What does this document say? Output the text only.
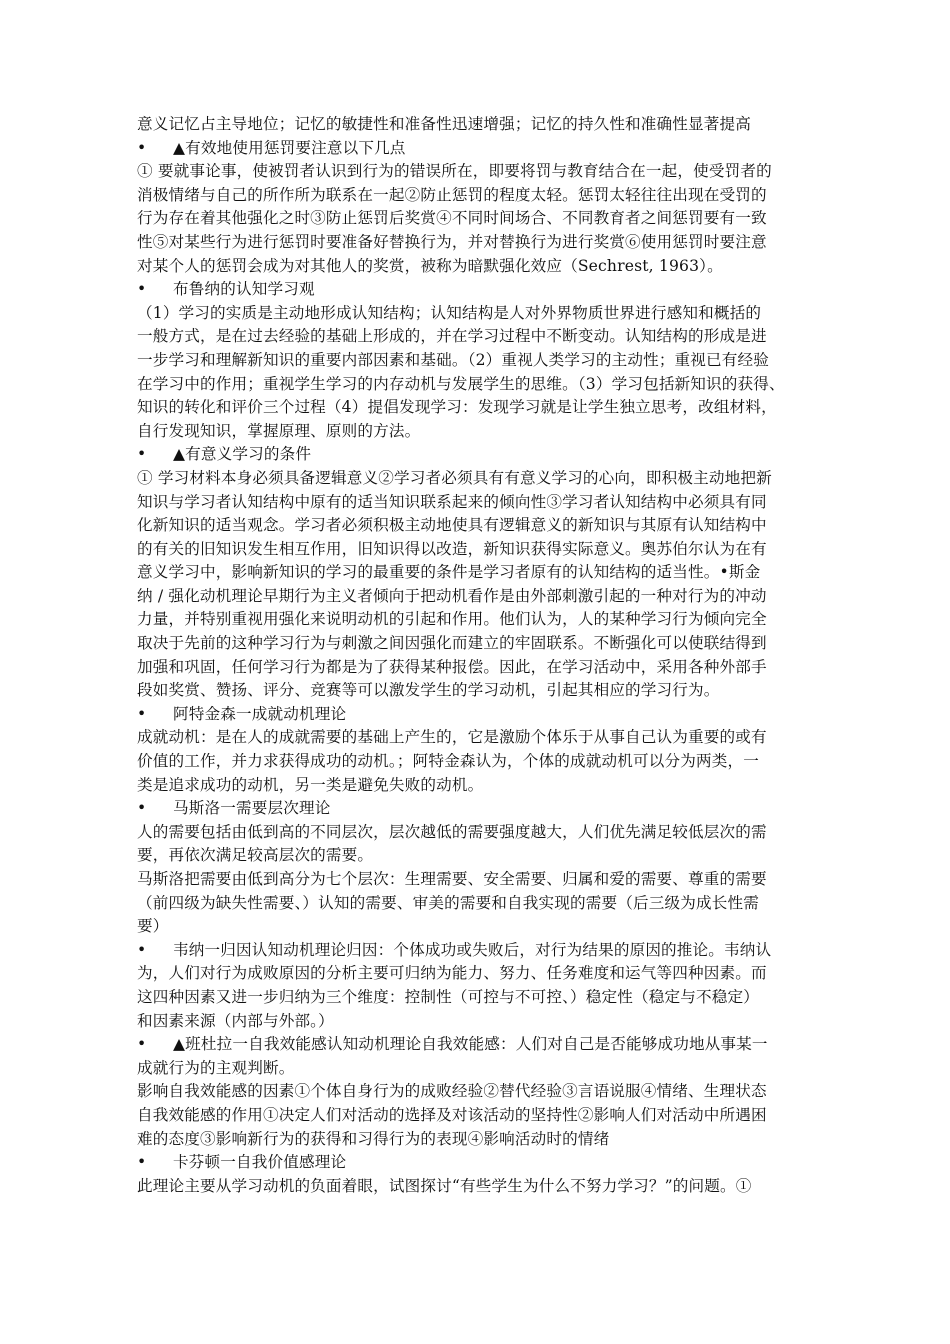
意义记忆占主导地位；记忆的敏捷性和准备性迅速增强；记忆的持久性和准确性显著提高
•	▲有效地使用惩罚要注意以下几点
① 要就事论事，使被罚者认识到行为的错误所在，即要将罚与教育结合在一起，使受罚者的
消极情绪与自己的所作所为联系在一起②防止惩罚的程度太轻。惩罚太轻往往出现在受罚的
行为存在着其他强化之时③防止惩罚后奖赏④不同时间场合、不同教育者之间惩罚要有一致
性⑤对某些行为进行惩罚时要准备好替换行为，并对替换行为进行奖赏⑥使用惩罚时要注意
对某个人的惩罚会成为对其他人的奖赏，被称为暗默强化效应（Sechrest, 1963）。
•	布鲁纳的认知学习观
（1）学习的实质是主动地形成认知结构；认知结构是人对外界物质世界进行感知和概括的
一般方式，是在过去经验的基础上形成的，并在学习过程中不断变动。认知结构的形成是进
一步学习和理解新知识的重要内部因素和基础。（2）重视人类学习的主动性；重视已有经验
在学习中的作用；重视学生学习的内存动机与发展学生的思维。（3）学习包括新知识的获得、
知识的转化和评价三个过程（4）提倡发现学习：发现学习就是让学生独立思考，改组材料，
自行发现知识，掌握原理、原则的方法。
•	▲有意义学习的条件
① 学习材料本身必须具备逻辑意义②学习者必须具有有意义学习的心向，即积极主动地把新
知识与学习者认知结构中原有的适当知识联系起来的倾向性③学习者认知结构中必须具有同
化新知识的适当观念。学习者必须积极主动地使具有逻辑意义的新知识与其原有认知结构中
的有关的旧知识发生相互作用，旧知识得以改造，新知识获得实际意义。奥苏伯尔认为在有
意义学习中，影响新知识的学习的最重要的条件是学习者原有的认知结构的适当性。•斯金
纳 / 强化动机理论早期行为主义者倾向于把动机看作是由外部刺激引起的一种对行为的冲动
力量，并特别重视用强化来说明动机的引起和作用。他们认为，人的某种学习行为倾向完全
取决于先前的这种学习行为与刺激之间因强化而建立的牢固联系。不断强化可以使联结得到
加强和巩固，任何学习行为都是为了获得某种报偿。因此，在学习活动中，采用各种外部手
段如奖赏、赞扬、评分、竞赛等可以激发学生的学习动机，引起其相应的学习行为。
•	阿特金森一成就动机理论
成就动机：是在人的成就需要的基础上产生的，它是激励个体乐于从事自己认为重要的或有
价值的工作，并力求获得成功的动机。；阿特金森认为，个体的成就动机可以分为两类，一
类是追求成功的动机，另一类是避免失败的动机。
•	马斯洛一需要层次理论
人的需要包括由低到高的不同层次，层次越低的需要强度越大，人们优先满足较低层次的需
要，再依次满足较高层次的需要。
马斯洛把需要由低到高分为七个层次：生理需要、安全需要、归属和爱的需要、尊重的需要
（前四级为缺失性需要、）认知的需要、审美的需要和自我实现的需要（后三级为成长性需
要）
•	韦纳一归因认知动机理论归因：个体成功或失败后，对行为结果的原因的推论。韦纳认
为，人们对行为成败原因的分析主要可归纳为能力、努力、任务难度和运气等四种因素。而
这四种因素又进一步归纳为三个维度：控制性（可控与不可控、）稳定性（稳定与不稳定）
和因素来源（内部与外部。）
•	▲班杜拉一自我效能感认知动机理论自我效能感：人们对自己是否能够成功地从事某一
成就行为的主观判断。
影响自我效能感的因素①个体自身行为的成败经验②替代经验③言语说服④情绪、生理状态
自我效能感的作用①决定人们对活动的选择及对该活动的坚持性②影响人们对活动中所遇困
难的态度③影响新行为的获得和习得行为的表现④影响活动时的情绪
•	卡芬顿一自我价值感理论
此理论主要从学习动机的负面着眼，试图探讨“有些学生为什么不努力学习？”的问题。①
